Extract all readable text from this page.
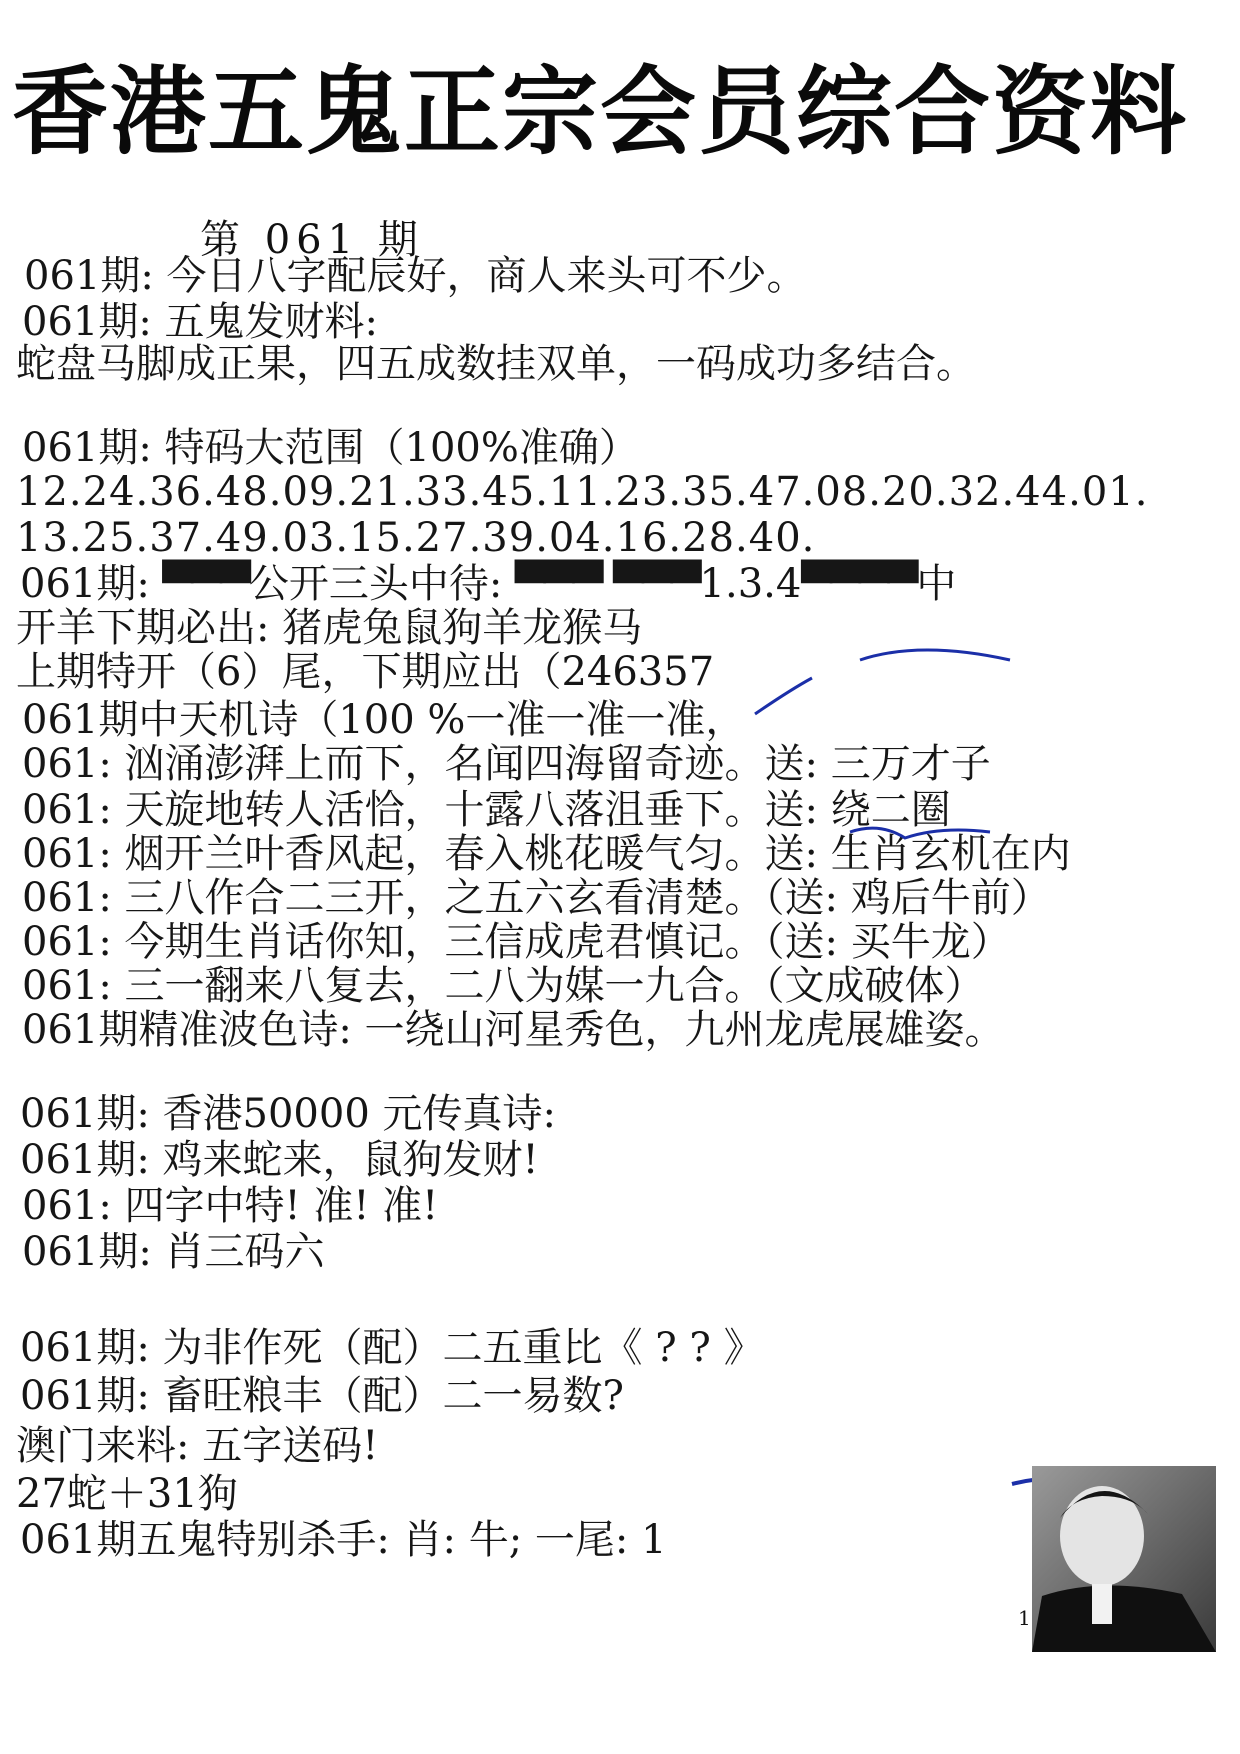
香港五鬼正宗会员综合资料
第 061 期
061期: 今日八字配辰好，商人来头可不少。
061期: 五鬼发财料:
蛇盘马脚成正果，四五成数挂双单，一码成功多结合。
061期: 特码大范围（100%准确）
12.24.36.48.09.21.33.45.11.23.35.47.08.20.32.44.01.
13.25.37.49.03.15.27.39.04.16.28.40.
061期: ▀▀▀公开三头中待: ▀▀▀ ▀▀▀1.3.4▀▀▀▀中
开羊下期必出: 猪虎兔鼠狗羊龙猴马
上期特开（6）尾，下期应出（246357
061期中天机诗（100 %一准一准一准，
061: 汹涌澎湃上而下，名闻四海留奇迹。送: 三万才子
061: 天旋地转人活恰，十露八落沮垂下。送: 绕二圈
061: 烟开兰叶香风起，春入桃花暖气匀。送: 生肖玄机在内
061: 三八作合二三开，之五六玄看清楚。（送: 鸡后牛前）
061: 今期生肖话你知，三信成虎君慎记。（送: 买牛龙）
061: 三一翻来八复去，二八为媒一九合。（文成破体）
061期精准波色诗: 一绕山河星秀色，九州龙虎展雄姿。
061期: 香港50000 元传真诗:
061期: 鸡来蛇来，鼠狗发财!
061: 四字中特! 准! 准!
061期: 肖三码六
061期: 为非作死（配）二五重比《 ? ? 》
061期: 畜旺粮丰（配）二一易数?
澳门来料: 五字送码!
27蛇＋31狗
061期五鬼特别杀手: 肖: 牛; 一尾: 1
1
